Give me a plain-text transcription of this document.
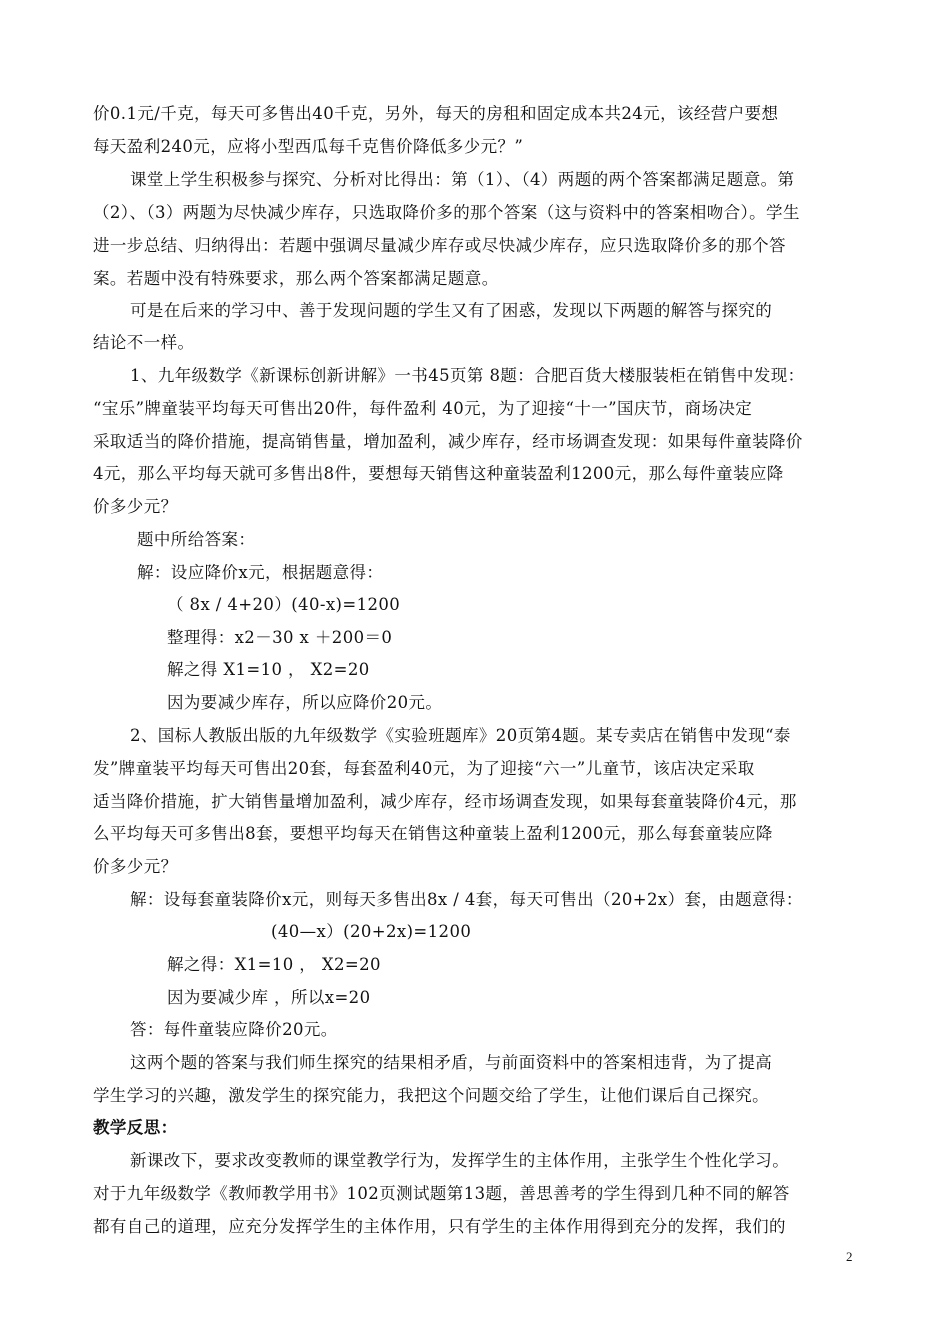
价0.1元/千克，每天可多售出40千克，另外，每天的房租和固定成本共24元，该经营户要想
每天盈利240元，应将小型西瓜每千克售价降低多少元？”
课堂上学生积极参与探究、分析对比得出：第（1）、（4）两题的两个答案都满足题意。第
（2）、（3）两题为尽快减少库存，只选取降价多的那个答案（这与资料中的答案相吻合）。学生
进一步总结、归纳得出：若题中强调尽量减少库存或尽快减少库存，应只选取降价多的那个答
案。若题中没有特殊要求，那么两个答案都满足题意。
可是在后来的学习中、善于发现问题的学生又有了困惑，发现以下两题的解答与探究的
结论不一样。
1、九年级数学《新课标创新讲解》一书45页第 8题：合肥百货大楼服装柜在销售中发现：
“宝乐”牌童装平均每天可售出20件，每件盈利 40元，为了迎接“十一”国庆节，商场决定
采取适当的降价措施，提高销售量，增加盈利，减少库存，经市场调查发现：如果每件童装降价
4元，那么平均每天就可多售出8件，要想每天销售这种童装盈利1200元，那么每件童装应降
价多少元？
题中所给答案：
解：设应降价x元，根据题意得：
（ 8x / 4+20）(40-x)=1200
整理得：x2－30 x ＋200＝0
解之得 X1=10 ， X2=20
因为要减少库存，所以应降价20元。
2、国标人教版出版的九年级数学《实验班题库》20页第4题。某专卖店在销售中发现“泰
发”牌童装平均每天可售出20套，每套盈利40元，为了迎接“六一”儿童节，该店决定采取
适当降价措施，扩大销售量增加盈利，减少库存，经市场调查发现，如果每套童装降价4元，那
么平均每天可多售出8套，要想平均每天在销售这种童装上盈利1200元，那么每套童装应降
价多少元？
解：设每套童装降价x元，则每天多售出8x / 4套，每天可售出（20+2x）套，由题意得：
(40—x）(20+2x)=1200
解之得：X1=10 ， X2=20
因为要减少库 ，所以x=20
答：每件童装应降价20元。
这两个题的答案与我们师生探究的结果相矛盾，与前面资料中的答案相违背，为了提高
学生学习的兴趣，激发学生的探究能力，我把这个问题交给了学生，让他们课后自己探究。
教学反思：
新课改下，要求改变教师的课堂教学行为，发挥学生的主体作用，主张学生个性化学习。
对于九年级数学《教师教学用书》102页测试题第13题，善思善考的学生得到几种不同的解答
都有自己的道理，应充分发挥学生的主体作用，只有学生的主体作用得到充分的发挥，我们的
2
